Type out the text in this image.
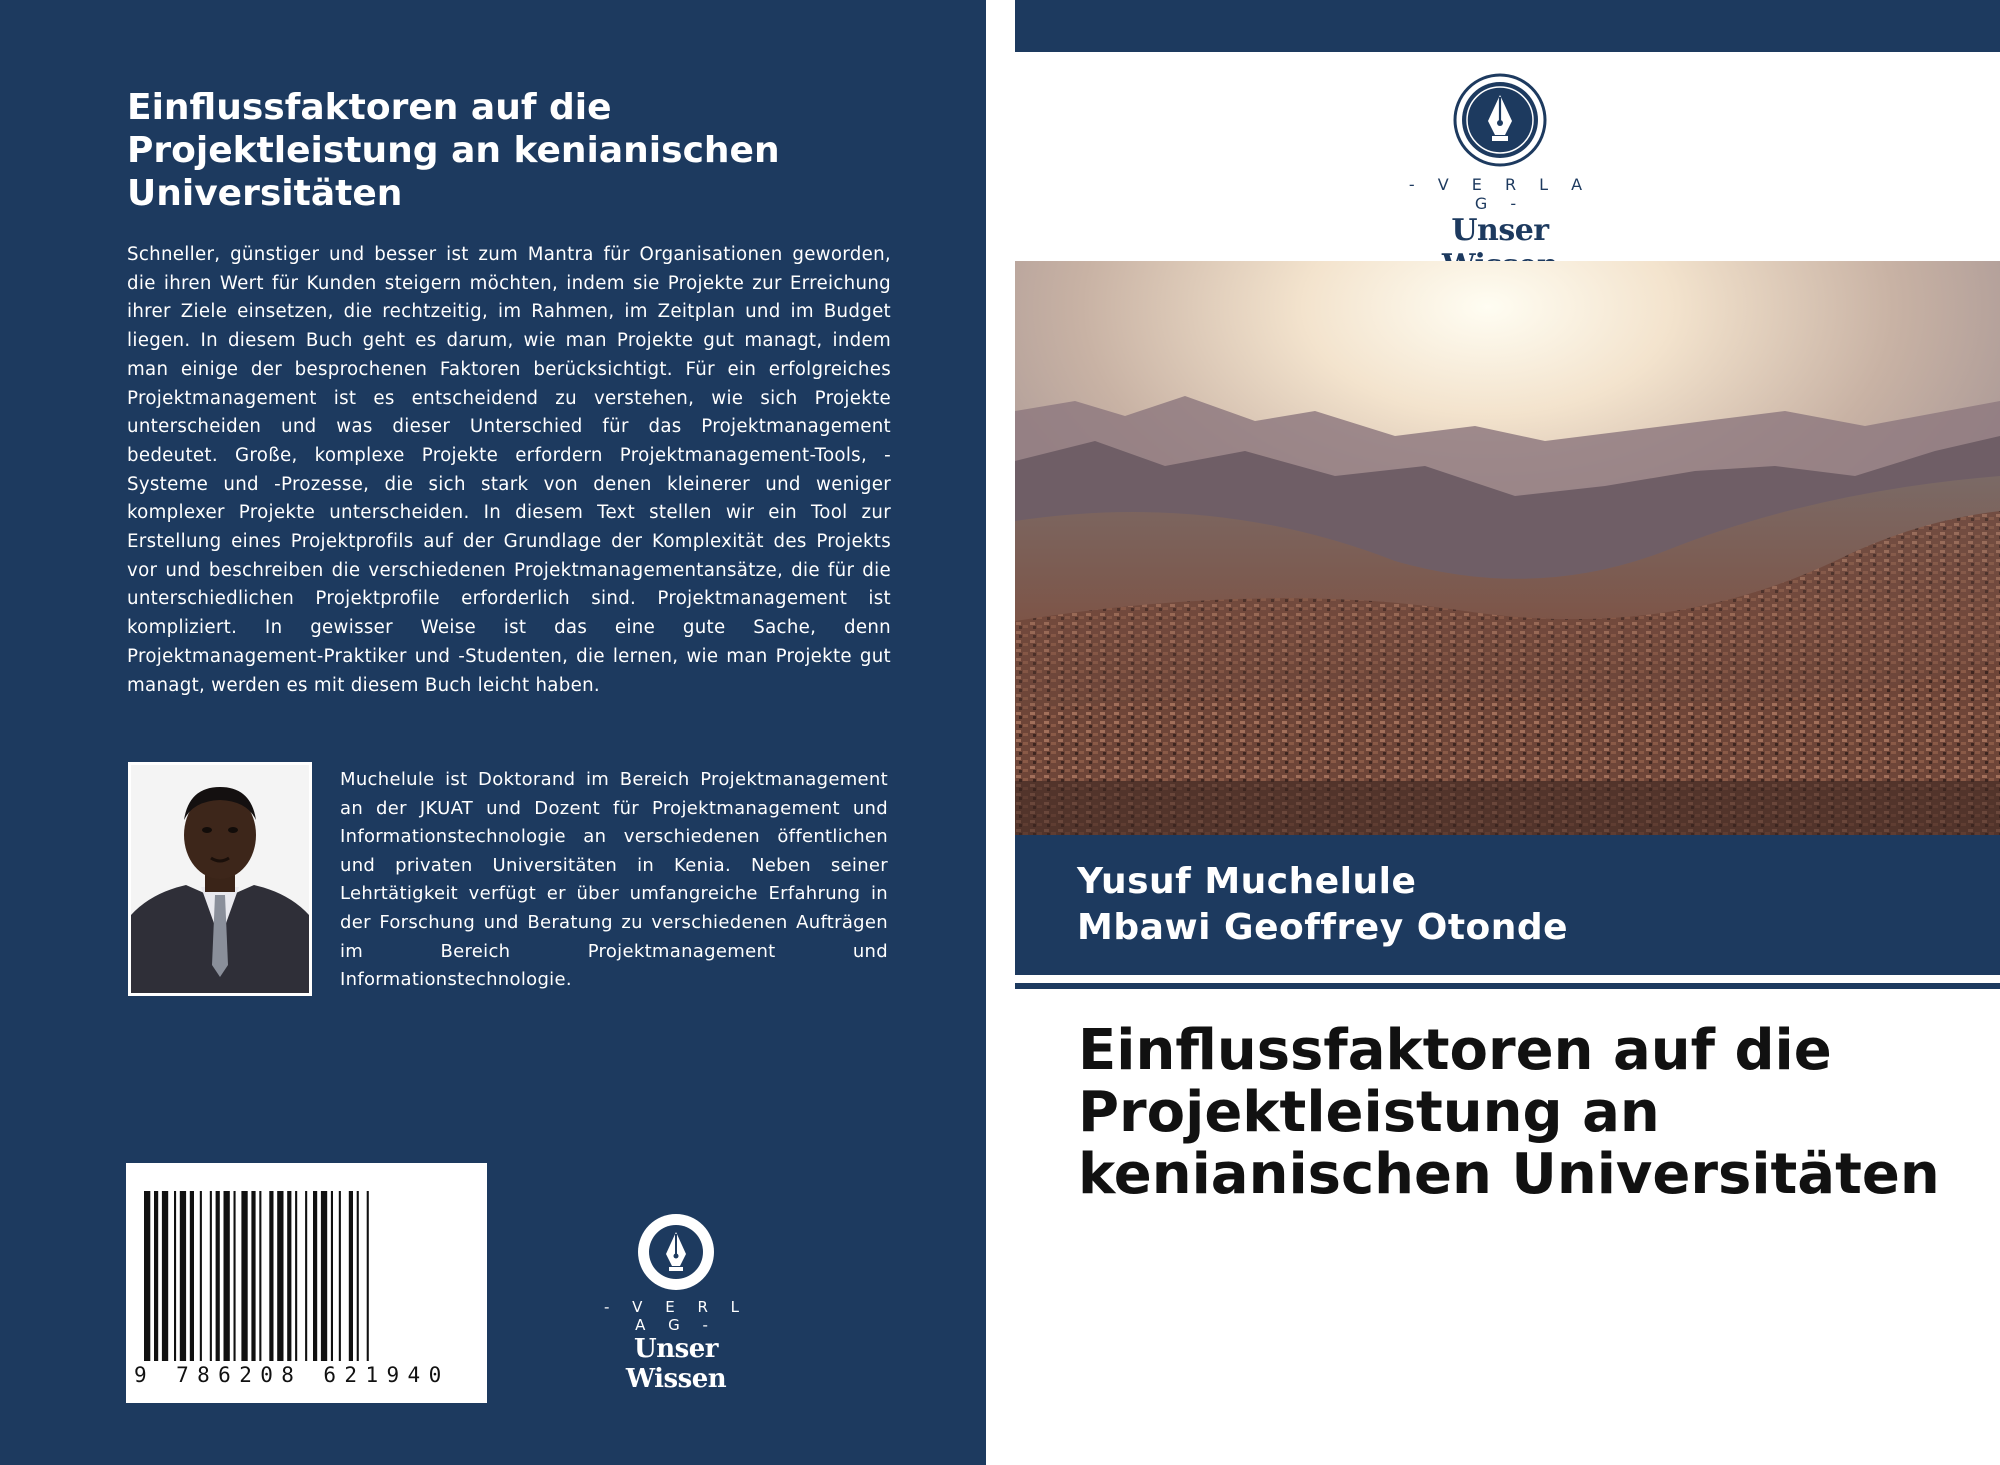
Einflussfaktoren auf die Projektleistung an kenianischen Universitäten
Schneller, günstiger und besser ist zum Mantra für Organisationen geworden, die ihren Wert für Kunden steigern möchten, indem sie Projekte zur Erreichung ihrer Ziele einsetzen, die rechtzeitig, im Rahmen, im Zeitplan und im Budget liegen. In diesem Buch geht es darum, wie man Projekte gut managt, indem man einige der besprochenen Faktoren berücksichtigt. Für ein erfolgreiches Projektmanagement ist es entscheidend zu verstehen, wie sich Projekte unterscheiden und was dieser Unterschied für das Projektmanagement bedeutet. Große, komplexe Projekte erfordern Projektmanagement-Tools, -Systeme und -Prozesse, die sich stark von denen kleinerer und weniger komplexer Projekte unterscheiden. In diesem Text stellen wir ein Tool zur Erstellung eines Projektprofils auf der Grundlage der Komplexität des Projekts vor und beschreiben die verschiedenen Projektmanagementansätze, die für die unterschiedlichen Projektprofile erforderlich sind. Projektmanagement ist kompliziert. In gewisser Weise ist das eine gute Sache, denn Projektmanagement-Praktiker und -Studenten, die lernen, wie man Projekte gut managt, werden es mit diesem Buch leicht haben.
Muchelule ist Doktorand im Bereich Projektmanagement an der JKUAT und Dozent für Projektmanagement und Informationstechnologie an verschiedenen öffentlichen und privaten Universitäten in Kenia. Neben seiner Lehrtätigkeit verfügt er über umfangreiche Erfahrung in der Forschung und Beratung zu verschiedenen Aufträgen im Bereich Projektmanagement und Informationstechnologie.
9 786208 621940
- V E R L A G -
Unser Wissen
- V E R L A G -
Unser
Yusuf Muchelule
Mbawi Geoffrey Otonde
Einflussfaktoren auf die Projektleistung an kenianischen Universitäten
